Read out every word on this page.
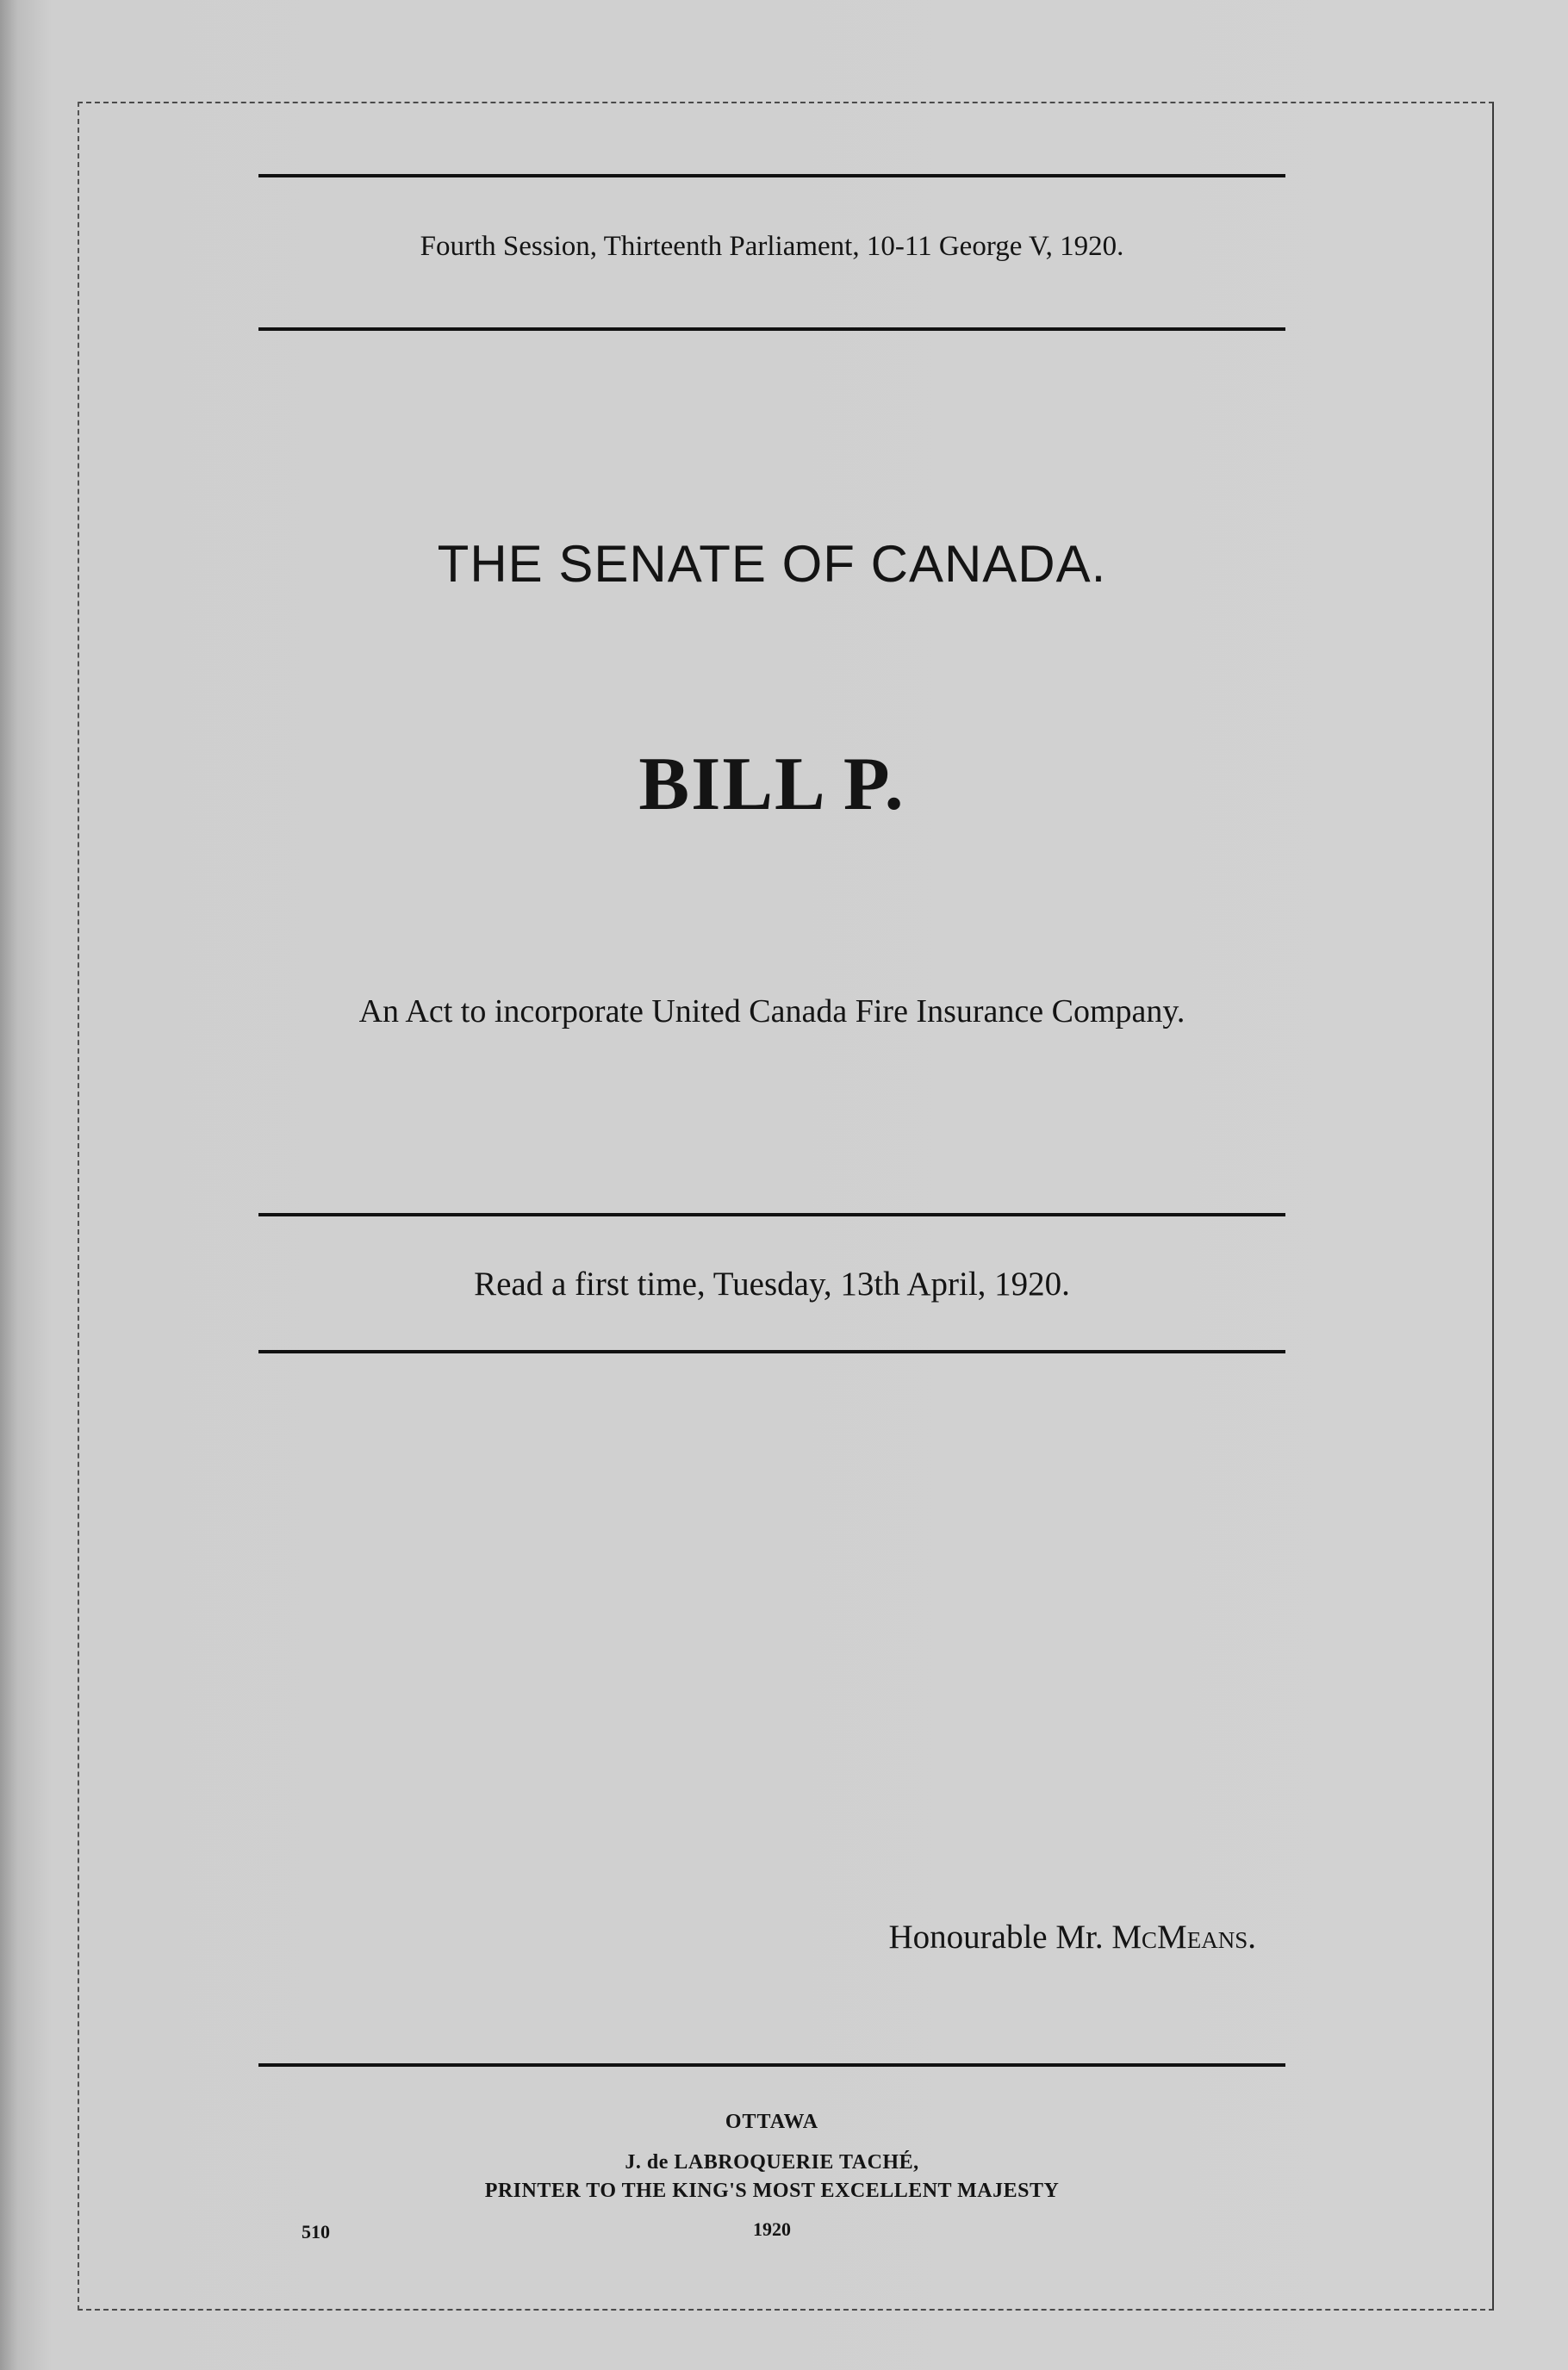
Fourth Session, Thirteenth Parliament, 10-11 George V, 1920.
THE SENATE OF CANADA.
BILL P.
An Act to incorporate United Canada Fire Insurance Company.
Read a first time, Tuesday, 13th April, 1920.
Honourable Mr. McMeans.
OTTAWA
J. de LABROQUERIE TACHÉ,
PRINTER TO THE KING'S MOST EXCELLENT MAJESTY
1920
510
